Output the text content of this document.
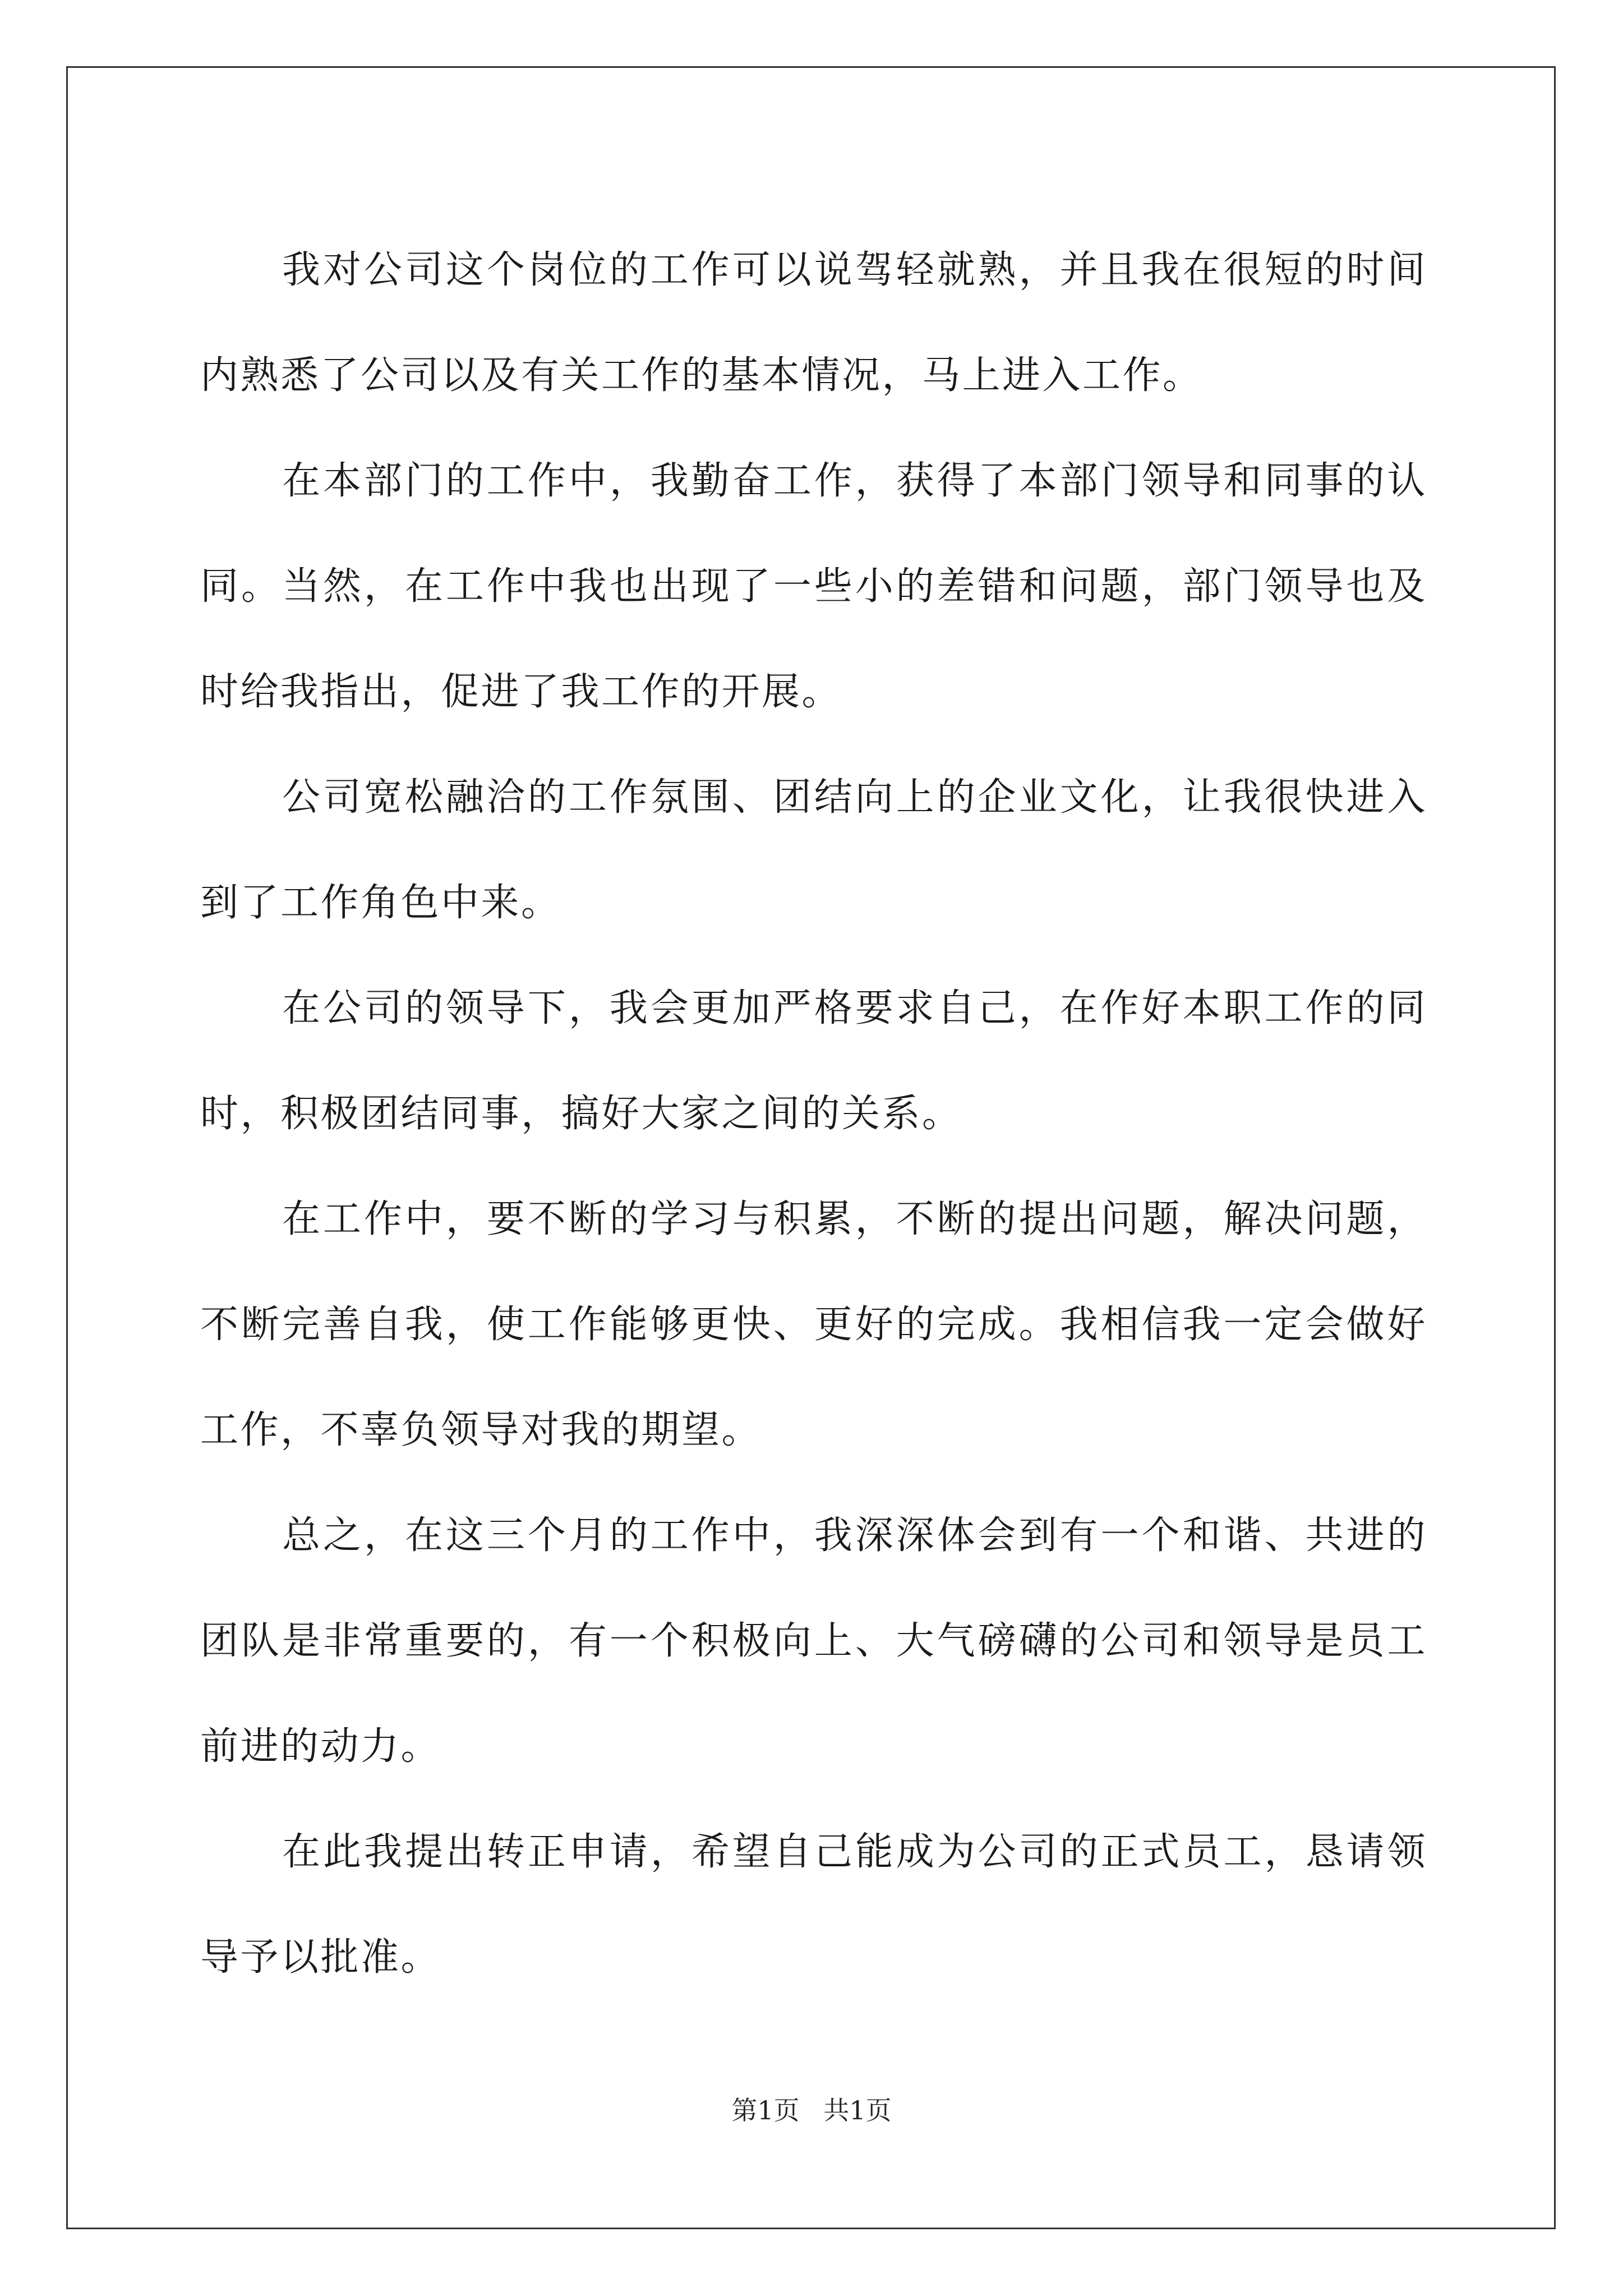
我对公司这个岗位的工作可以说驾轻就熟，并且我在很短的时间内熟悉了公司以及有关工作的基本情况，马上进入工作。

在本部门的工作中，我勤奋工作，获得了本部门领导和同事的认同。当然，在工作中我也出现了一些小的差错和问题，部门领导也及时给我指出，促进了我工作的开展。

公司宽松融洽的工作氛围、团结向上的企业文化，让我很快进入到了工作角色中来。

在公司的领导下，我会更加严格要求自己，在作好本职工作的同时，积极团结同事，搞好大家之间的关系。

在工作中，要不断的学习与积累，不断的提出问题，解决问题，不断完善自我，使工作能够更快、更好的完成。我相信我一定会做好工作，不辜负领导对我的期望。

总之，在这三个月的工作中，我深深体会到有一个和谐、共进的团队是非常重要的，有一个积极向上、大气磅礴的公司和领导是员工前进的动力。

在此我提出转正申请，希望自己能成为公司的正式员工，恳请领导予以批准。

第1页 共1页
